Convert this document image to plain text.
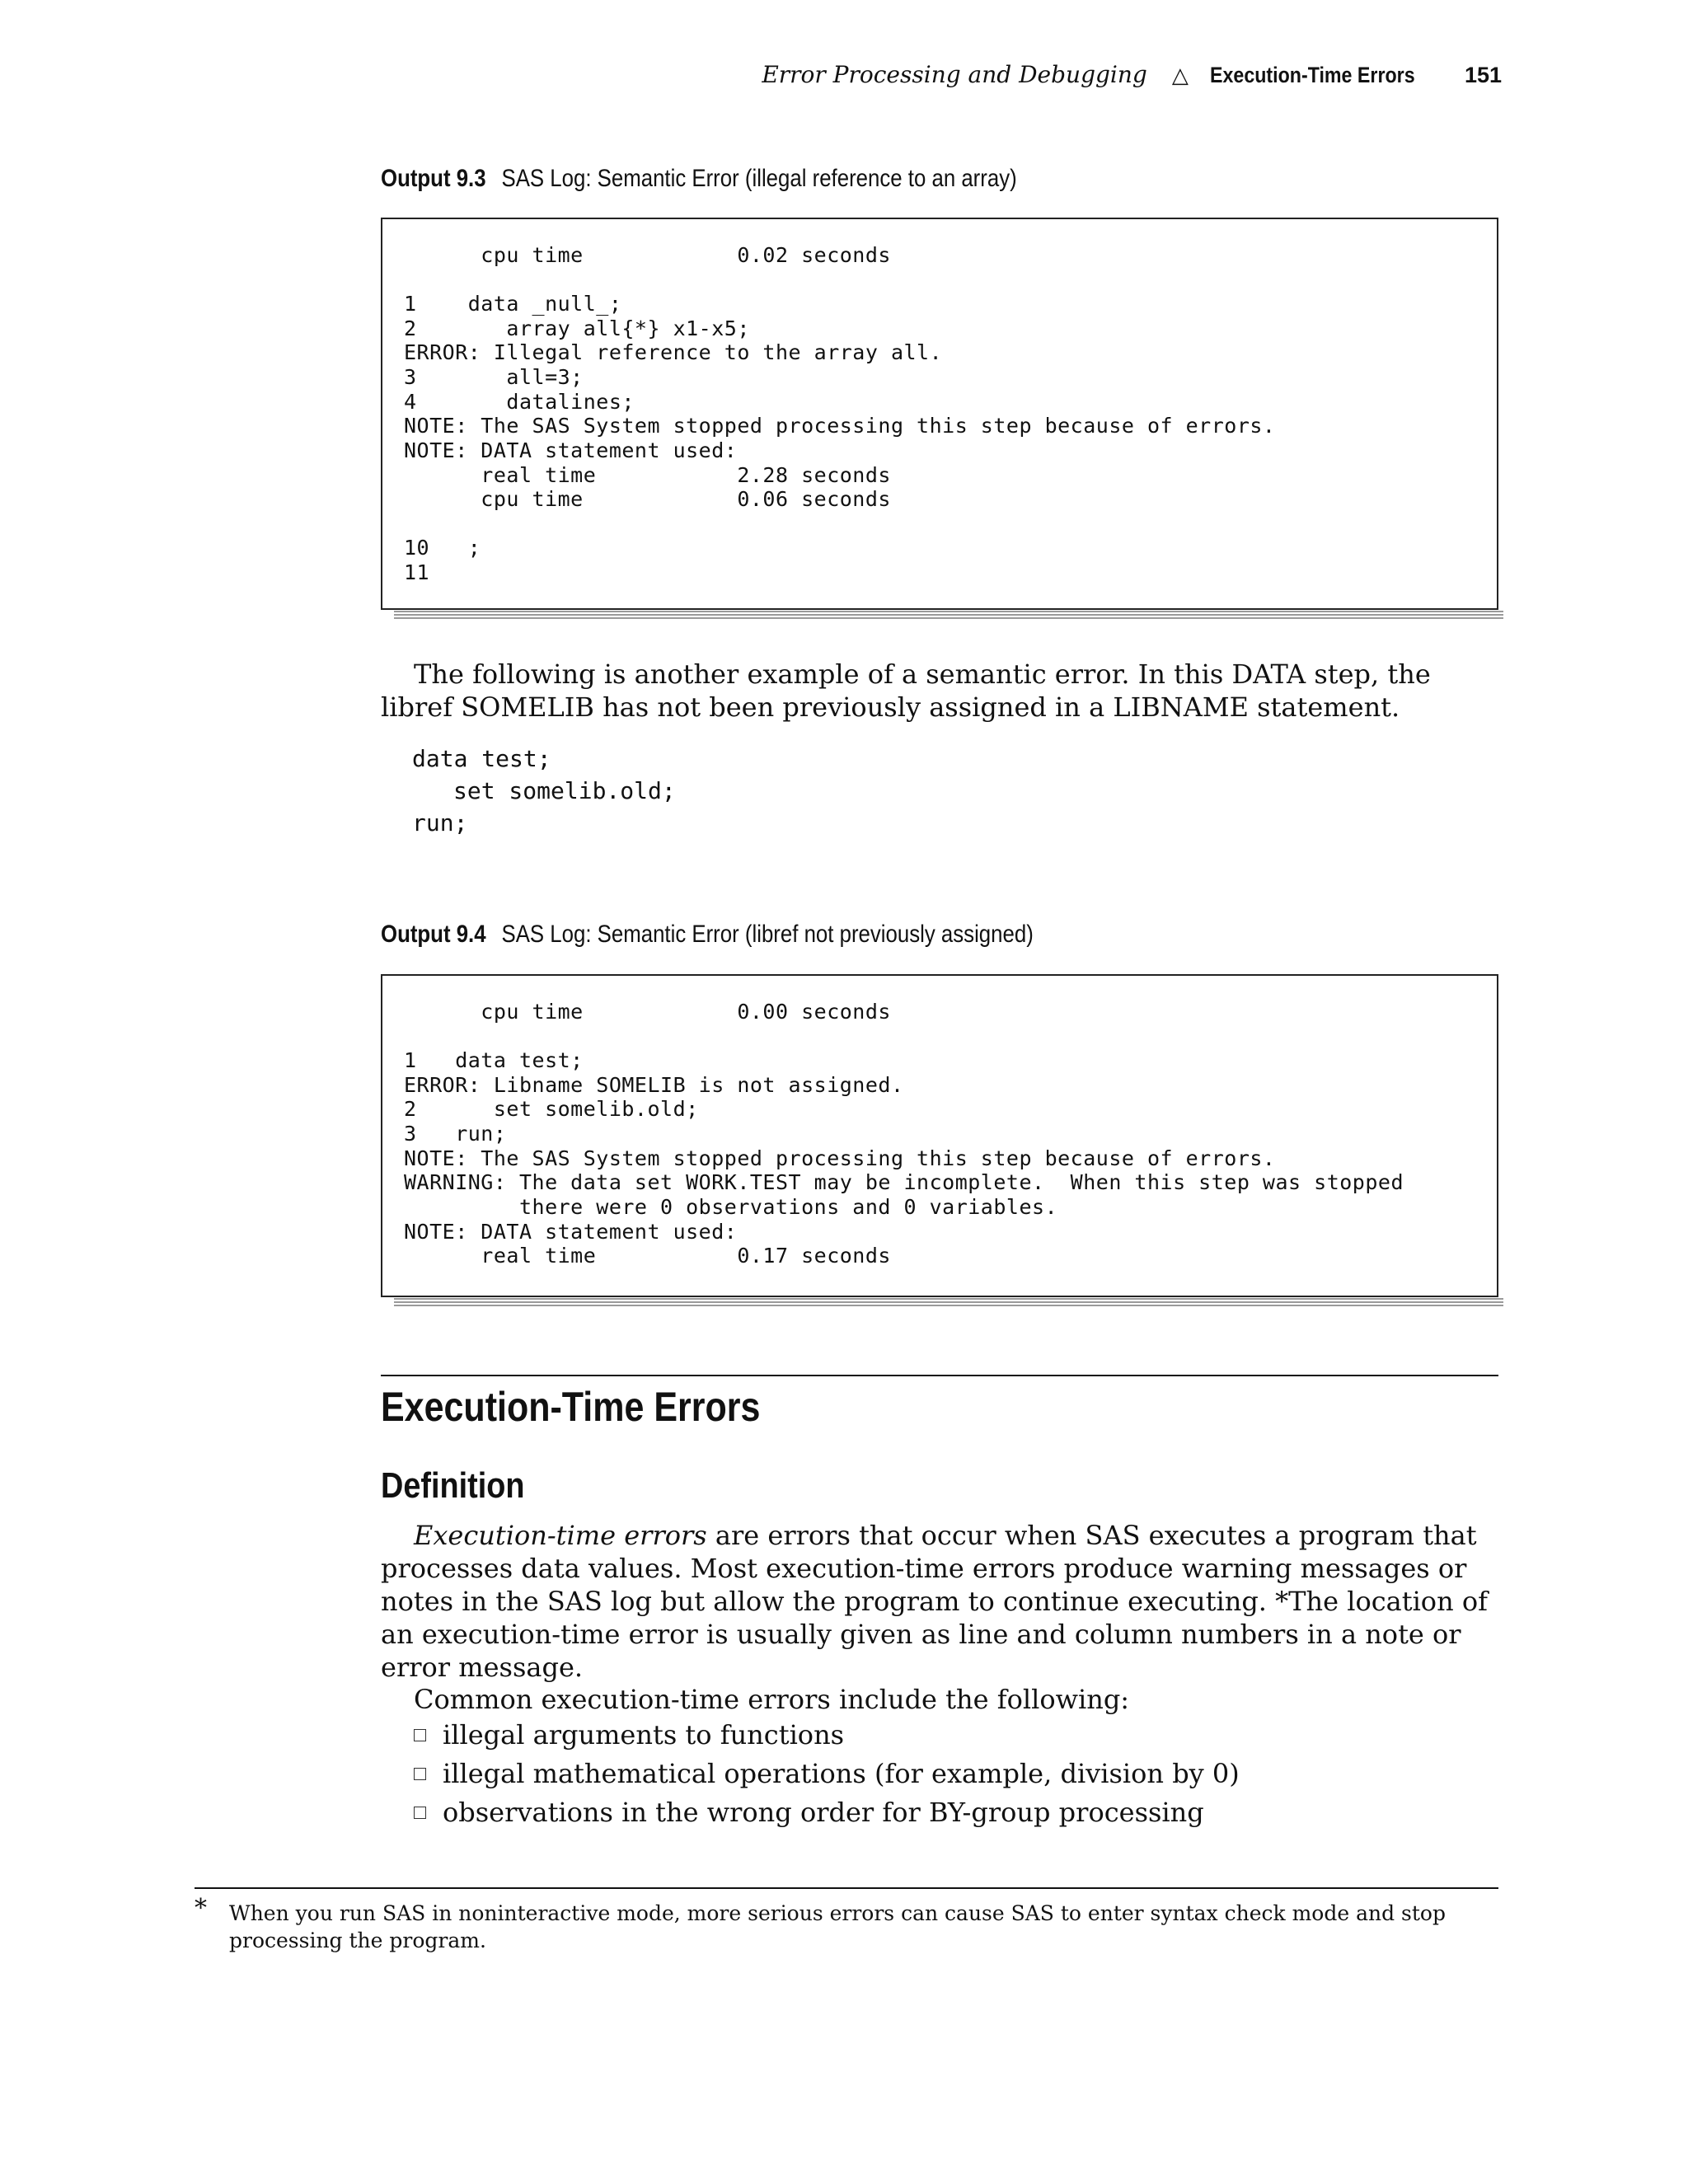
Error Processing and Debugging △ Execution-Time Errors 151
Output 9.3 SAS Log: Semantic Error (illegal reference to an array)
cpu time            0.02 seconds
1    data _null_;
2       array all{*} x1-x5;
ERROR: Illegal reference to the array all.
3       all=3;
4       datalines;
NOTE: The SAS System stopped processing this step because of errors.
NOTE: DATA statement used:
real time           2.28 seconds
cpu time            0.06 seconds
10   ;
11
The following is another example of a semantic error. In this DATA step, the libref SOMELIB has not been previously assigned in a LIBNAME statement.
data test;
set somelib.old;
run;
Output 9.4 SAS Log: Semantic Error (libref not previously assigned)
cpu time            0.00 seconds
1   data test;
ERROR: Libname SOMELIB is not assigned.
2      set somelib.old;
3   run;
NOTE: The SAS System stopped processing this step because of errors.
WARNING: The data set WORK.TEST may be incomplete.  When this step was stopped
there were 0 observations and 0 variables.
NOTE: DATA statement used:
real time           0.17 seconds
Execution-Time Errors
Definition
Execution-time errors are errors that occur when SAS executes a program that processes data values. Most execution-time errors produce warning messages or notes in the SAS log but allow the program to continue executing. *The location of an execution-time error is usually given as line and column numbers in a note or error message.
Common execution-time errors include the following:
illegal arguments to functions
illegal mathematical operations (for example, division by 0)
observations in the wrong order for BY-group processing
* When you run SAS in noninteractive mode, more serious errors can cause SAS to enter syntax check mode and stop processing the program.
